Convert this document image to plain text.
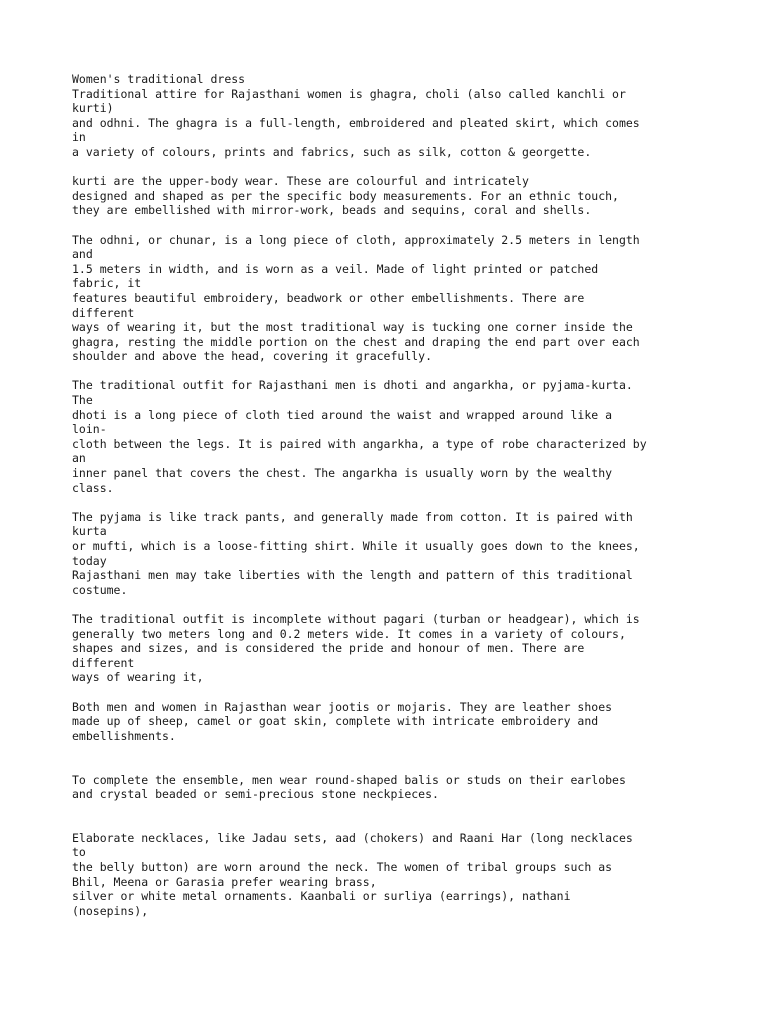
Women's traditional dress
Traditional attire for Rajasthani women is ghagra, choli (also called kanchli or
kurti)
and odhni. The ghagra is a full-length, embroidered and pleated skirt, which comes
in
a variety of colours, prints and fabrics, such as silk, cotton & georgette.
kurti are the upper-body wear. These are colourful and intricately
designed and shaped as per the specific body measurements. For an ethnic touch,
they are embellished with mirror-work, beads and sequins, coral and shells.
The odhni, or chunar, is a long piece of cloth, approximately 2.5 meters in length
and
1.5 meters in width, and is worn as a veil. Made of light printed or patched
fabric, it
features beautiful embroidery, beadwork or other embellishments. There are
different
ways of wearing it, but the most traditional way is tucking one corner inside the
ghagra, resting the middle portion on the chest and draping the end part over each
shoulder and above the head, covering it gracefully.
The traditional outfit for Rajasthani men is dhoti and angarkha, or pyjama-kurta.
The
dhoti is a long piece of cloth tied around the waist and wrapped around like a
loin-
cloth between the legs. It is paired with angarkha, a type of robe characterized by
an
inner panel that covers the chest. The angarkha is usually worn by the wealthy
class.
The pyjama is like track pants, and generally made from cotton. It is paired with
kurta
or mufti, which is a loose-fitting shirt. While it usually goes down to the knees,
today
Rajasthani men may take liberties with the length and pattern of this traditional
costume.
The traditional outfit is incomplete without pagari (turban or headgear), which is
generally two meters long and 0.2 meters wide. It comes in a variety of colours,
shapes and sizes, and is considered the pride and honour of men. There are
different
ways of wearing it,
Both men and women in Rajasthan wear jootis or mojaris. They are leather shoes
made up of sheep, camel or goat skin, complete with intricate embroidery and
embellishments.
To complete the ensemble, men wear round-shaped balis or studs on their earlobes
and crystal beaded or semi-precious stone neckpieces.
Elaborate necklaces, like Jadau sets, aad (chokers) and Raani Har (long necklaces
to
the belly button) are worn around the neck. The women of tribal groups such as
Bhil, Meena or Garasia prefer wearing brass,
silver or white metal ornaments. Kaanbali or surliya (earrings), nathani
(nosepins),
